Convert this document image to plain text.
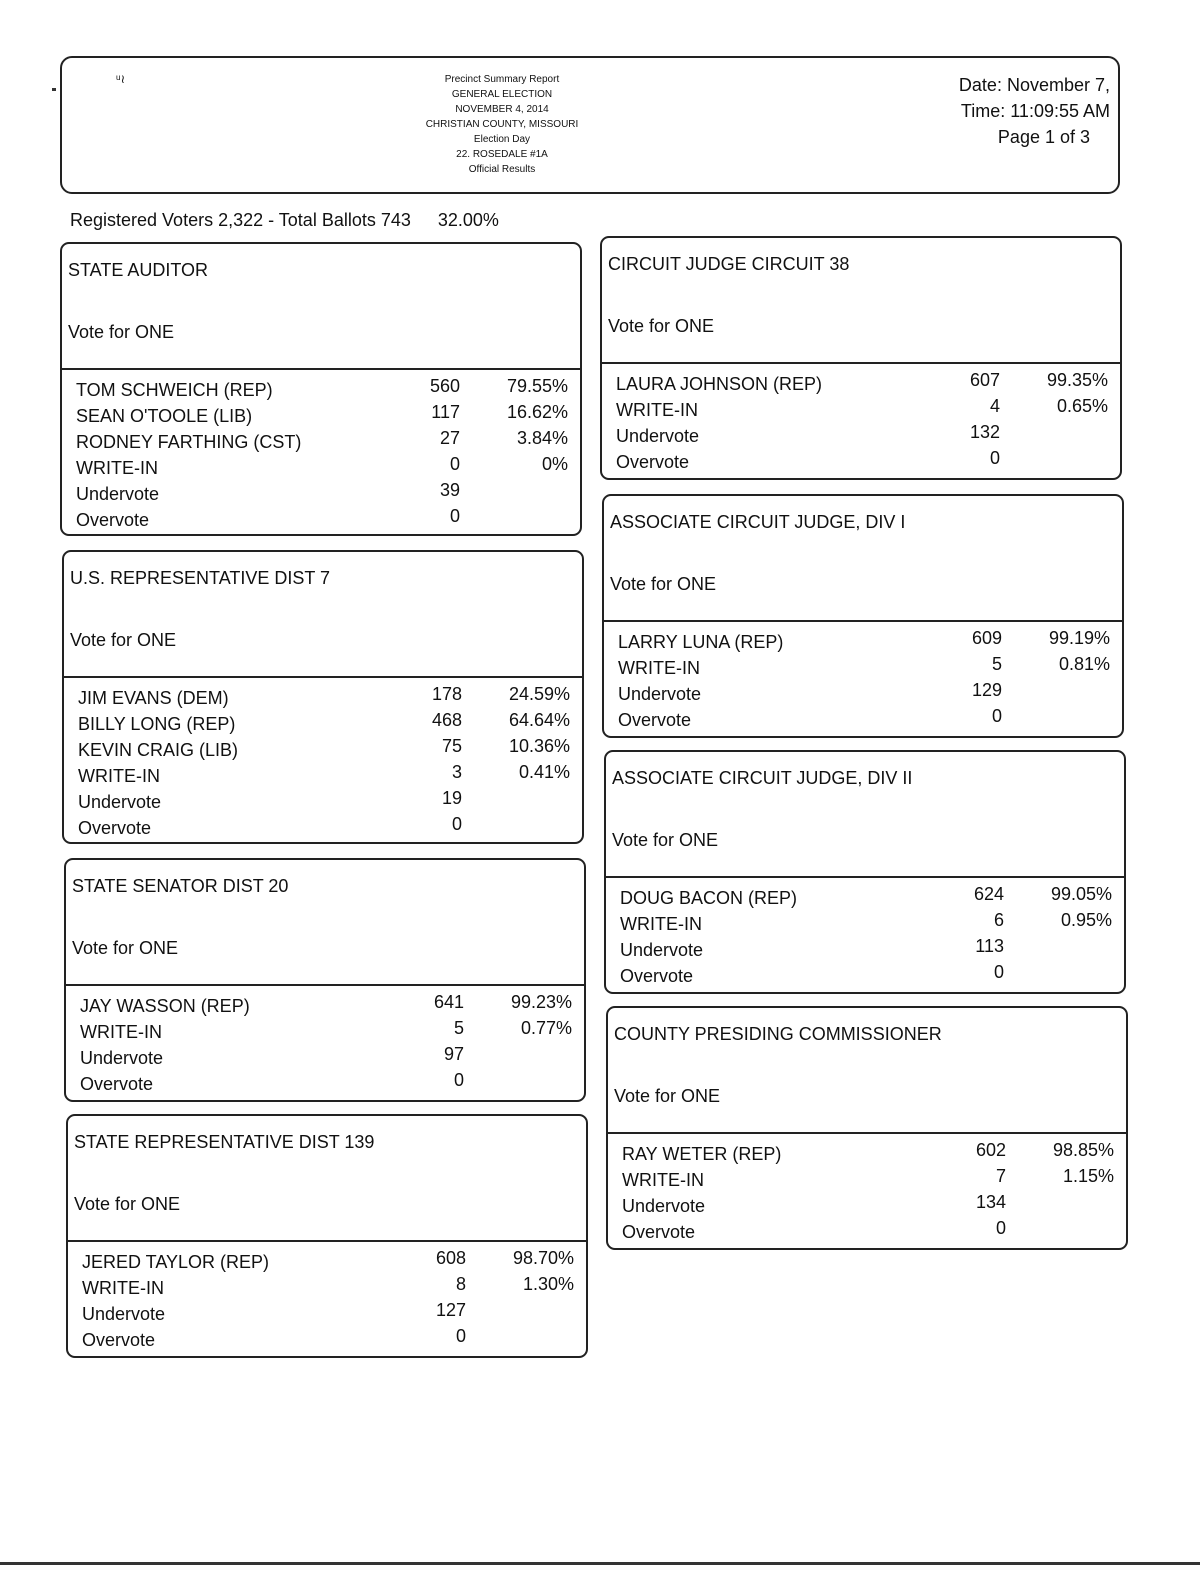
ᵘ≀	Precinct Summary Report
GENERAL ELECTION
NOVEMBER 4, 2014
CHRISTIAN COUNTY, MISSOURI
Election Day
22. ROSEDALE #1A
Official Results
Date: November 7,
Time: 11:09:55 AM
Page 1 of 3
Registered Voters 2,322 - Total Ballots 743 32.00%
STATE AUDITOR
Vote for ONE
TOM SCHWEICH (REP)	560	79.55%
SEAN O'TOOLE (LIB)	117	16.62%
RODNEY FARTHING (CST)	27	3.84%
WRITE-IN	0	0%
Undervote	39
Overvote	0
U.S. REPRESENTATIVE DIST 7
Vote for ONE
JIM EVANS (DEM)	178	24.59%
BILLY LONG (REP)	468	64.64%
KEVIN CRAIG (LIB)	75	10.36%
WRITE-IN	3	0.41%
Undervote	19
Overvote	0
STATE SENATOR DIST 20
Vote for ONE
JAY WASSON (REP)	641	99.23%
WRITE-IN	5	0.77%
Undervote	97
Overvote	0
STATE REPRESENTATIVE DIST 139
Vote for ONE
JERED TAYLOR (REP)	608	98.70%
WRITE-IN	8	1.30%
Undervote	127
Overvote	0
CIRCUIT JUDGE CIRCUIT 38
Vote for ONE
LAURA JOHNSON (REP)	607	99.35%
WRITE-IN	4	0.65%
Undervote	132
Overvote	0
ASSOCIATE CIRCUIT JUDGE, DIV I
Vote for ONE
LARRY LUNA (REP)	609	99.19%
WRITE-IN	5	0.81%
Undervote	129
Overvote	0
ASSOCIATE CIRCUIT JUDGE, DIV II
Vote for ONE
DOUG BACON (REP)	624	99.05%
WRITE-IN	6	0.95%
Undervote	113
Overvote	0
COUNTY PRESIDING COMMISSIONER
Vote for ONE
RAY WETER (REP)	602	98.85%
WRITE-IN	7	1.15%
Undervote	134
Overvote	0
